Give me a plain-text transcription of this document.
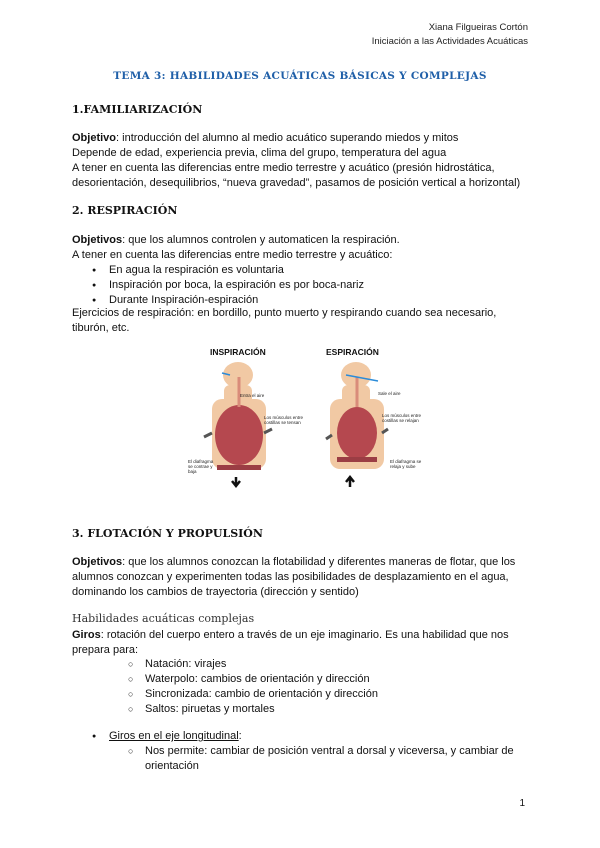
Xiana Filgueiras Cortón
Iniciación a las Actividades Acuáticas
TEMA 3: HABILIDADES ACUÁTICAS BÁSICAS Y COMPLEJAS
1.FAMILIARIZACIÓN
Objetivo: introducción del alumno al medio acuático superando miedos y mitos
Depende de edad, experiencia previa, clima del grupo, temperatura del agua
A tener en cuenta las diferencias entre medio terrestre y acuático (presión hidrostática, desorientación, desequilibrios, “nueva gravedad”, pasamos de posición vertical a horizontal)
2. RESPIRACIÓN
Objetivos: que los alumnos controlen y automaticen la respiración.
A tener en cuenta las diferencias entre medio terrestre y acuático:
● En agua la respiración es voluntaria
● Inspiración por boca, la espiración es por boca-nariz
● Durante Inspiración-espiración
Ejercicios de respiración: en bordillo, punto muerto y respirando cuando sea necesario, tiburón, etc.
INSPIRACIÓN	ESPIRACIÓN
Entra el aire
Los músculos entre costillas se tensan
El diafragma se contrae y baja
Sale el aire
Los músculos entre costillas se relajan
El diafragma se relaja y sube
3. FLOTACIÓN Y PROPULSIÓN
Objetivos: que los alumnos conozcan la flotabilidad y diferentes maneras de flotar, que los alumnos conozcan y experimenten todas las posibilidades de desplazamiento en el agua, dominando los cambios de trayectoria (dirección y sentido)
Habilidades acuáticas complejas
Giros: rotación del cuerpo entero a través de un eje imaginario. Es una habilidad que nos prepara para:
○ Natación: virajes
○ Waterpolo: cambios de orientación y dirección
○ Sincronizada: cambio de orientación y dirección
○ Saltos: piruetas y mortales
● Giros en el eje longitudinal:
○ Nos permite: cambiar de posición ventral a dorsal y viceversa, y cambiar de orientación
1
